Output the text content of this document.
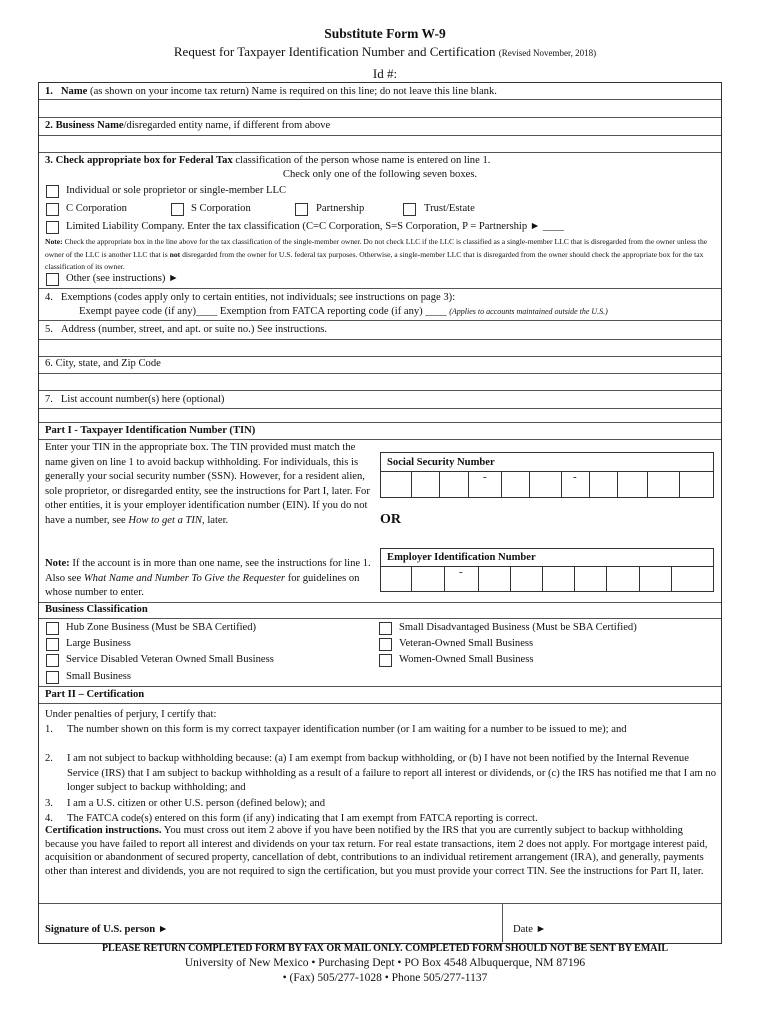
Substitute Form W-9
Request for Taxpayer Identification Number and Certification (Revised November, 2018)
Id #:
1. Name (as shown on your income tax return) Name is required on this line; do not leave this line blank.
2. Business Name/disregarded entity name, if different from above
3. Check appropriate box for Federal Tax classification of the person whose name is entered on line 1.
Check only one of the following seven boxes.
Individual or sole proprietor or single-member LLC
C Corporation	S Corporation	Partnership	Trust/Estate
Limited Liability Company. Enter the tax classification (C=C Corporation, S=S Corporation, P = Partnership ► ____
Note: Check the appropriate box in the line above for the tax classification of the single-member owner. Do not check LLC if the LLC is classified as a single-member LLC that is disregarded from the owner unless the owner of the LLC is another LLC that is not disregarded from the owner for U.S. federal tax purposes. Otherwise, a single-member LLC that is disregarded from the owner should check the appropriate box for the tax classification of its owner.
Other (see instructions) ►
4. Exemptions (codes apply only to certain entities, not individuals; see instructions on page 3):
Exempt payee code (if any)____ Exemption from FATCA reporting code (if any) ____ (Applies to accounts maintained outside the U.S.)
5. Address (number, street, and apt. or suite no.) See instructions.
6. City, state, and Zip Code
7. List account number(s) here (optional)
Part I - Taxpayer Identification Number (TIN)
Enter your TIN in the appropriate box. The TIN provided must match the name given on line 1 to avoid backup withholding. For individuals, this is generally your social security number (SSN). However, for a resident alien, sole proprietor, or disregarded entity, see the instructions for Part I, later. For other entities, it is your employer identification number (EIN). If you do not have a number, see How to get a TIN, later.
Note: If the account is in more than one name, see the instructions for line 1. Also see What Name and Number To Give the Requester for guidelines on whose number to enter.
Social Security Number
-	-
OR
Employer Identification Number
-
Business Classification
Hub Zone Business (Must be SBA Certified)
Large Business
Service Disabled Veteran Owned Small Business
Small Business
Small Disadvantaged Business (Must be SBA Certified)
Veteran-Owned Small Business
Women-Owned Small Business
Part II – Certification
Under penalties of perjury, I certify that:
1. The number shown on this form is my correct taxpayer identification number (or I am waiting for a number to be issued to me); and
2. I am not subject to backup withholding because: (a) I am exempt from backup withholding, or (b) I have not been notified by the Internal Revenue Service (IRS) that I am subject to backup withholding as a result of a failure to report all interest or dividends, or (c) the IRS has notified me that I am no longer subject to backup withholding; and
3. I am a U.S. citizen or other U.S. person (defined below); and
4. The FATCA code(s) entered on this form (if any) indicating that I am exempt from FATCA reporting is correct.
Certification instructions. You must cross out item 2 above if you have been notified by the IRS that you are currently subject to backup withholding because you have failed to report all interest and dividends on your tax return. For real estate transactions, item 2 does not apply. For mortgage interest paid, acquisition or abandonment of secured property, cancellation of debt, contributions to an individual retirement arrangement (IRA), and generally, payments other than interest and dividends, you are not required to sign the certification, but you must provide your correct TIN. See the instructions for Part II, later.
Signature of U.S. person ►	Date ►
PLEASE RETURN COMPLETED FORM BY FAX OR MAIL ONLY. COMPLETED FORM SHOULD NOT BE SENT BY EMAIL
University of New Mexico • Purchasing Dept • PO Box 4548 Albuquerque, NM 87196
• (Fax) 505/277-1028 • Phone 505/277-1137
